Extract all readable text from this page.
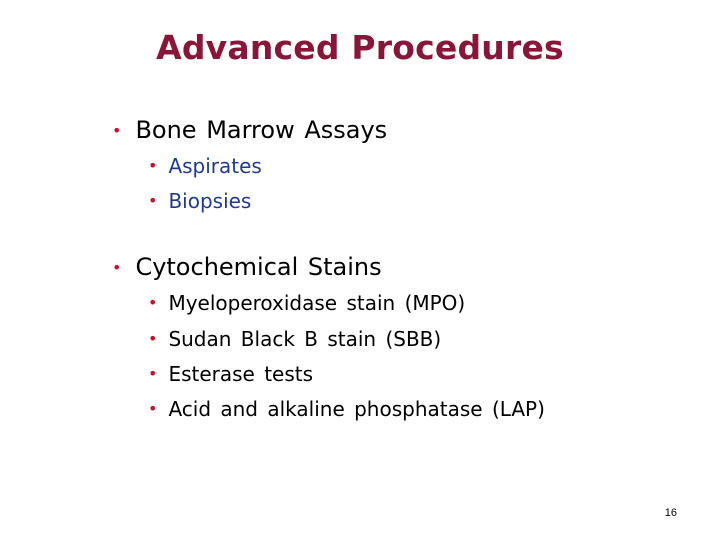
Advanced Procedures
• Bone Marrow Assays
• Aspirates
• Biopsies
• Cytochemical Stains
• Myeloperoxidase stain (MPO)
• Sudan Black B stain (SBB)
• Esterase tests
• Acid and alkaline phosphatase (LAP)
16
